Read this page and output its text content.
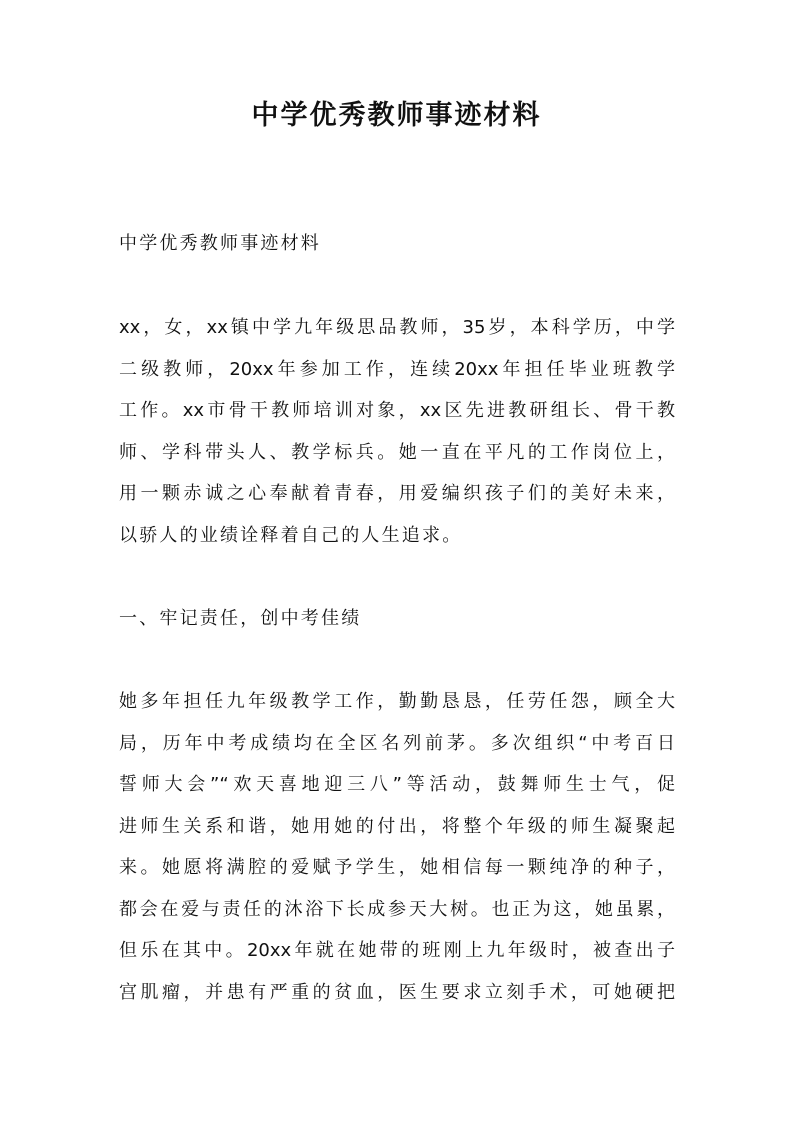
中学优秀教师事迹材料

中学优秀教师事迹材料

xx，女，xx镇中学九年级思品教师，35岁，本科学历，中学

二级教师，20xx年参加工作，连续20xx年担任毕业班教学

工作。xx市骨干教师培训对象，xx区先进教研组长、骨干教

师、学科带头人、教学标兵。她一直在平凡的工作岗位上，

用一颗赤诚之心奉献着青春，用爱编织孩子们的美好未来，

以骄人的业绩诠释着自己的人生追求。

一、牢记责任，创中考佳绩

她多年担任九年级教学工作，勤勤恳恳，任劳任怨，顾全大

局，历年中考成绩均在全区名列前茅。多次组织“中考百日

誓师大会”“欢天喜地迎三八”等活动，鼓舞师生士气，促

进师生关系和谐，她用她的付出，将整个年级的师生凝聚起

来。她愿将满腔的爱赋予学生，她相信每一颗纯净的种子，

都会在爱与责任的沐浴下长成参天大树。也正为这，她虽累，

但乐在其中。20xx年就在她带的班刚上九年级时，被查出子

宫肌瘤，并患有严重的贫血，医生要求立刻手术，可她硬把
